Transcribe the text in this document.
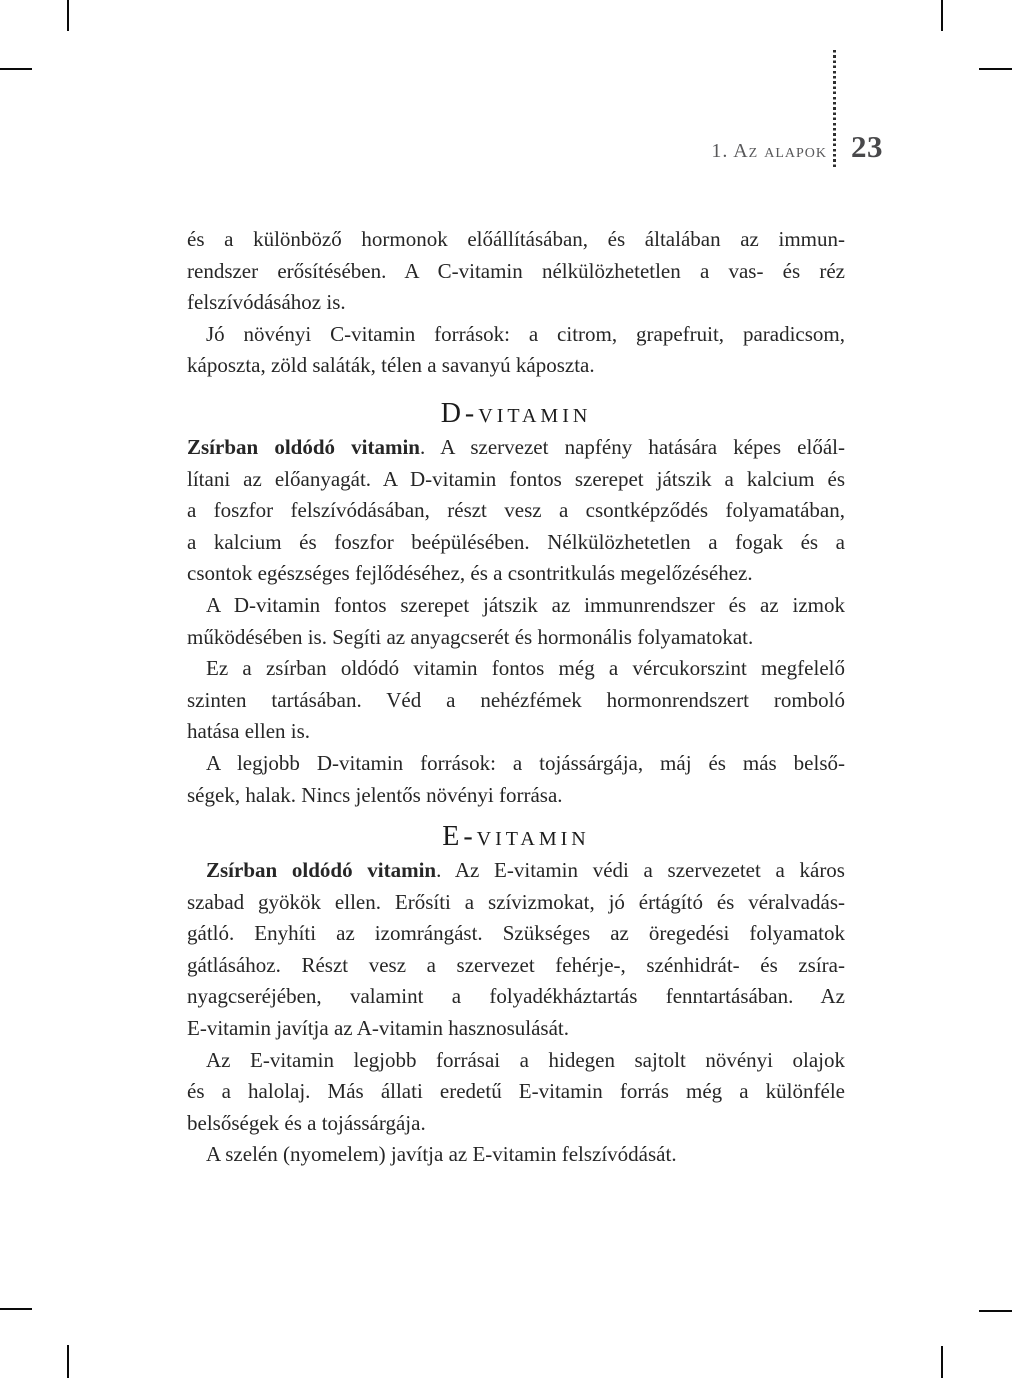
1. Az alapok 23
és a különböző hormonok előállításában, és általában az immun-
rendszer erősítésében. A C-vitamin nélkülözhetetlen a vas- és réz
felszívódásához is.
Jó növényi C-vitamin források: a citrom, grapefruit, paradicsom,
káposzta, zöld saláták, télen a savanyú káposzta.
D-vitamin
Zsírban oldódó vitamin. A szervezet napfény hatására képes előál-
lítani az előanyagát. A D-vitamin fontos szerepet játszik a kalcium és
a foszfor felszívódásában, részt vesz a csontképződés folyamatában,
a kalcium és foszfor beépülésében. Nélkülözhetetlen a fogak és a
csontok egészséges fejlődéséhez, és a csontritkulás megelőzéséhez.
A D-vitamin fontos szerepet játszik az immunrendszer és az izmok
működésében is. Segíti az anyagcserét és hormonális folyamatokat.
Ez a zsírban oldódó vitamin fontos még a vércukorszint megfelelő
szinten tartásában. Véd a nehézfémek hormonrendszert romboló
hatása ellen is.
A legjobb D-vitamin források: a tojássárgája, máj és más belső-
ségek, halak. Nincs jelentős növényi forrása.
E-vitamin
Zsírban oldódó vitamin. Az E-vitamin védi a szervezetet a káros
szabad gyökök ellen. Erősíti a szívizmokat, jó értágító és véralvadás-
gátló. Enyhíti az izomrángást. Szükséges az öregedési folyamatok
gátlásához. Részt vesz a szervezet fehérje-, szénhidrát- és zsíra-
nyagcseréjében, valamint a folyadékháztartás fenntartásában. Az
E-vitamin javítja az A-vitamin hasznosulását.
Az E-vitamin legjobb forrásai a hidegen sajtolt növényi olajok
és a halolaj. Más állati eredetű E-vitamin forrás még a különféle
belsőségek és a tojássárgája.
A szelén (nyomelem) javítja az E-vitamin felszívódását.
